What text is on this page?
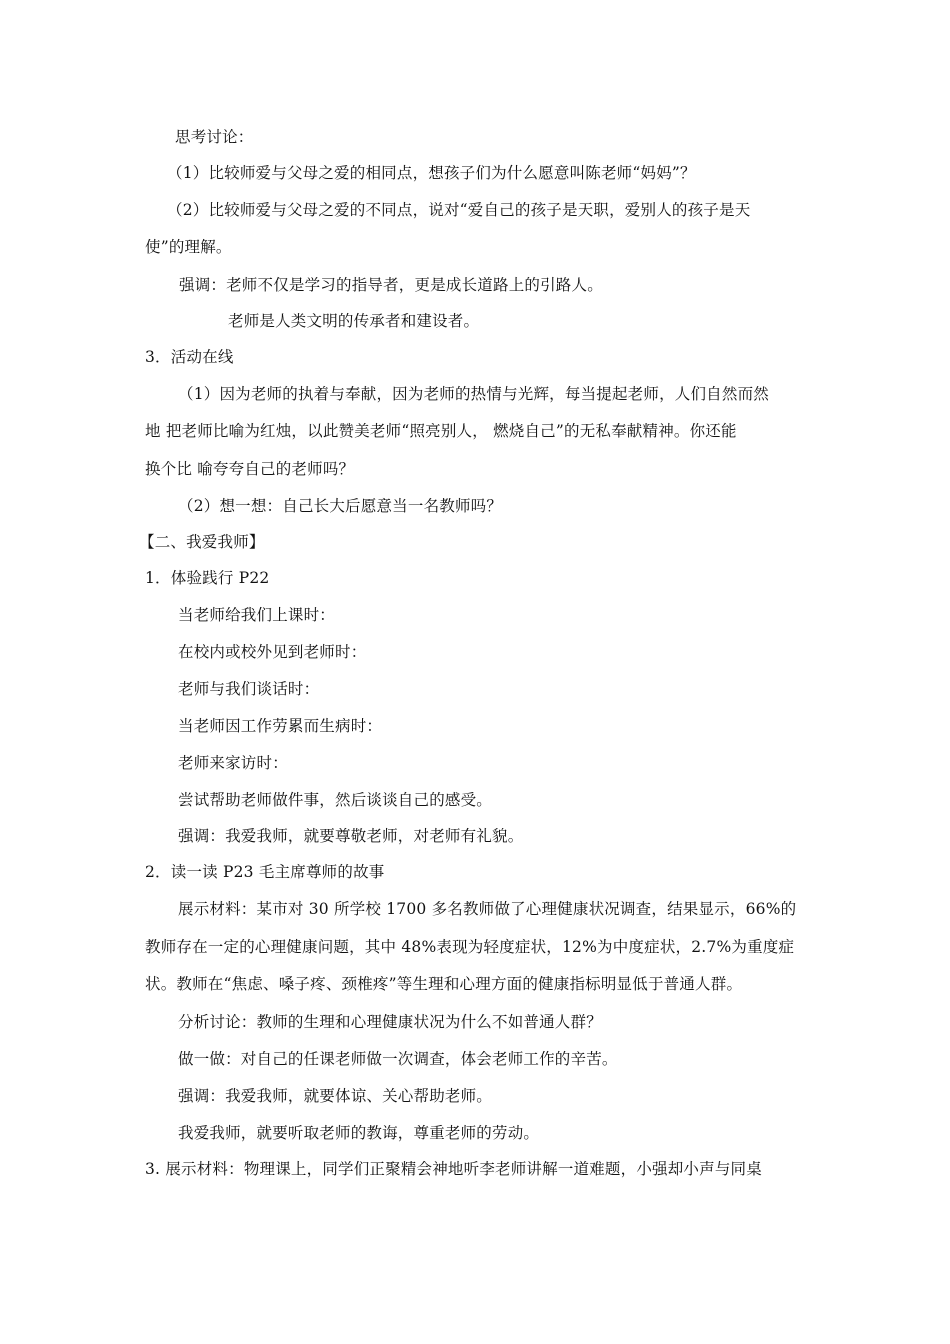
思考讨论：
（1）比较师爱与父母之爱的相同点，想孩子们为什么愿意叫陈老师“妈妈”？
（2）比较师爱与父母之爱的不同点，说对“爱自己的孩子是天职，爱别人的孩子是天
使”的理解。
强调：老师不仅是学习的指导者，更是成长道路上的引路人。
老师是人类文明的传承者和建设者。
3．活动在线
（1）因为老师的执着与奉献，因为老师的热情与光辉，每当提起老师，人们自然而然
地 把老师比喻为红烛，以此赞美老师“照亮别人， 燃烧自己”的无私奉献精神。你还能
换个比 喻夸夸自己的老师吗？
（2）想一想：自己长大后愿意当一名教师吗？
【二、我爱我师】
1．体验践行 P22
当老师给我们上课时：
在校内或校外见到老师时：
老师与我们谈话时：
当老师因工作劳累而生病时：
老师来家访时：
尝试帮助老师做件事，然后谈谈自己的感受。
强调：我爱我师，就要尊敬老师，对老师有礼貌。
2．读一读 P23 毛主席尊师的故事
展示材料：某市对 30 所学校 1700 多名教师做了心理健康状况调查，结果显示，66%的
教师存在一定的心理健康问题，其中 48%表现为轻度症状，12%为中度症状，2.7%为重度症
状。教师在“焦虑、嗓子疼、颈椎疼”等生理和心理方面的健康指标明显低于普通人群。
分析讨论：教师的生理和心理健康状况为什么不如普通人群？
做一做：对自己的任课老师做一次调查，体会老师工作的辛苦。
强调：我爱我师，就要体谅、关心帮助老师。
我爱我师，就要听取老师的教诲，尊重老师的劳动。
3. 展示材料：物理课上，同学们正聚精会神地听李老师讲解一道难题，小强却小声与同桌
